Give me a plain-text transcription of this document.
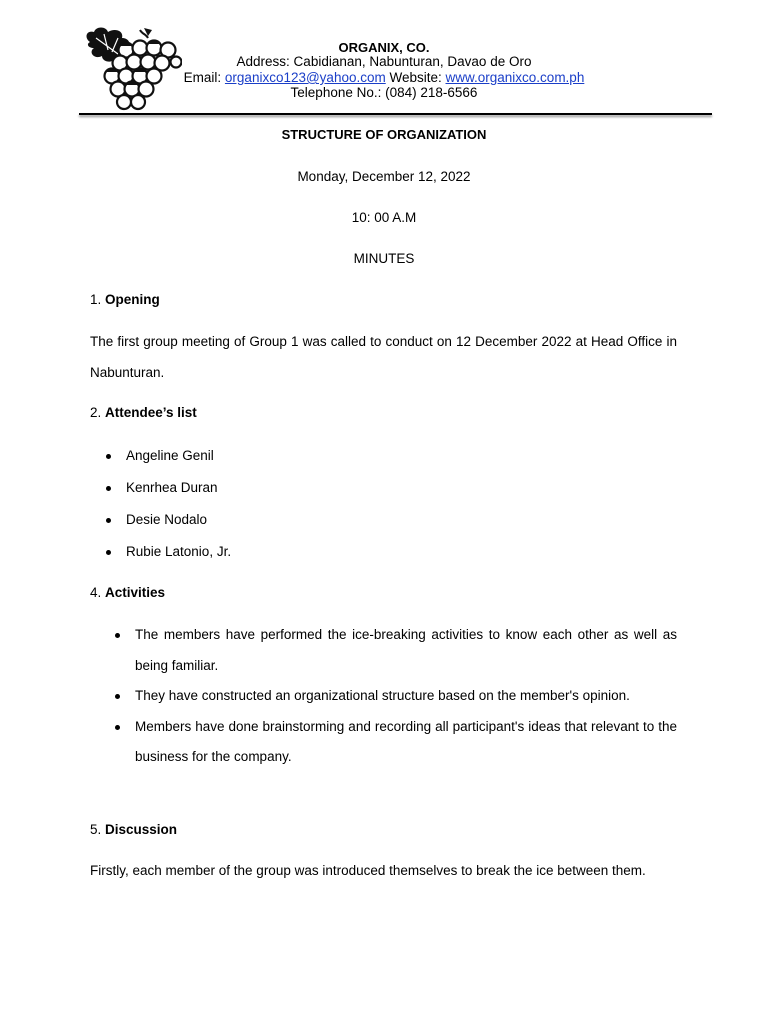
ORGANIX, CO.
Address: Cabidianan, Nabunturan, Davao de Oro
Email: organixco123@yahoo.com Website: www.organixco.com.ph
Telephone No.: (084) 218-6566
STRUCTURE OF ORGANIZATION
Monday, December 12, 2022
10: 00 A.M
MINUTES
1. Opening
The first group meeting of Group 1 was called to conduct on 12 December 2022 at Head Office in Nabunturan.
2. Attendee’s list
Angeline Genil
Kenrhea Duran
Desie Nodalo
Rubie Latonio, Jr.
4. Activities
The members have performed the ice-breaking activities to know each other as well as being familiar.
They have constructed an organizational structure based on the member's opinion.
Members have done brainstorming and recording all participant's ideas that relevant to the business for the company.
5. Discussion
Firstly, each member of the group was introduced themselves to break the ice between them.
